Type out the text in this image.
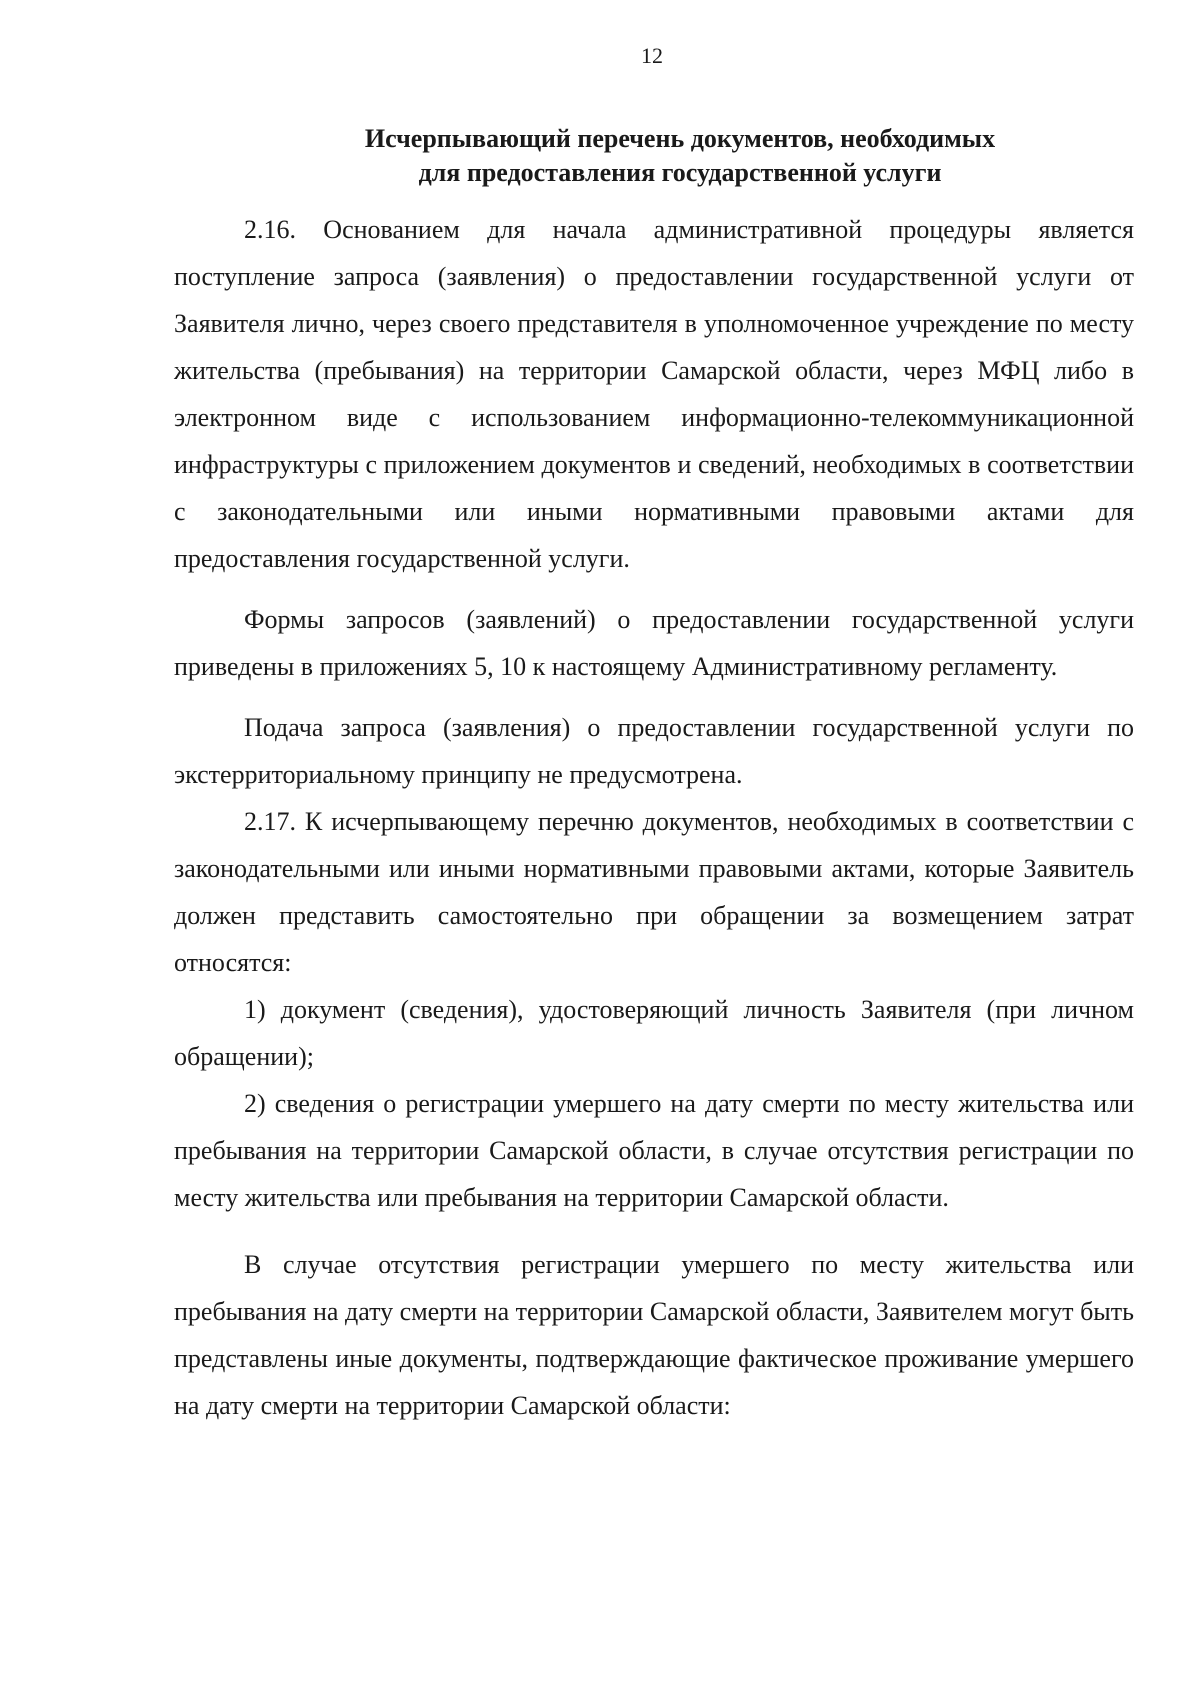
12
Исчерпывающий перечень документов, необходимых
для предоставления государственной услуги

2.16. Основанием для начала административной процедуры является поступление запроса (заявления) о предоставлении государственной услуги от Заявителя лично, через своего представителя в уполномоченное учреждение по месту жительства (пребывания) на территории Самарской области, через МФЦ либо в электронном виде с использованием информационно-телекоммуникационной инфраструктуры с приложением документов и сведений, необходимых в соответствии с законодательными или иными нормативными правовыми актами для предоставления государственной услуги.

Формы запросов (заявлений) о предоставлении государственной услуги приведены в приложениях 5, 10 к настоящему Административному регламенту.

Подача запроса (заявления) о предоставлении государственной услуги по экстерриториальному принципу не предусмотрена.

2.17. К исчерпывающему перечню документов, необходимых в соответствии с законодательными или иными нормативными правовыми актами, которые Заявитель должен представить самостоятельно при обращении за возмещением затрат относятся:

1) документ (сведения), удостоверяющий личность Заявителя (при личном обращении);

2) сведения о регистрации умершего на дату смерти по месту жительства или пребывания на территории Самарской области, в случае отсутствия регистрации по месту жительства или пребывания на территории Самарской области.

В случае отсутствия регистрации умершего по месту жительства или пребывания на дату смерти на территории Самарской области, Заявителем могут быть представлены иные документы, подтверждающие фактическое проживание умершего на дату смерти на территории Самарской области:
